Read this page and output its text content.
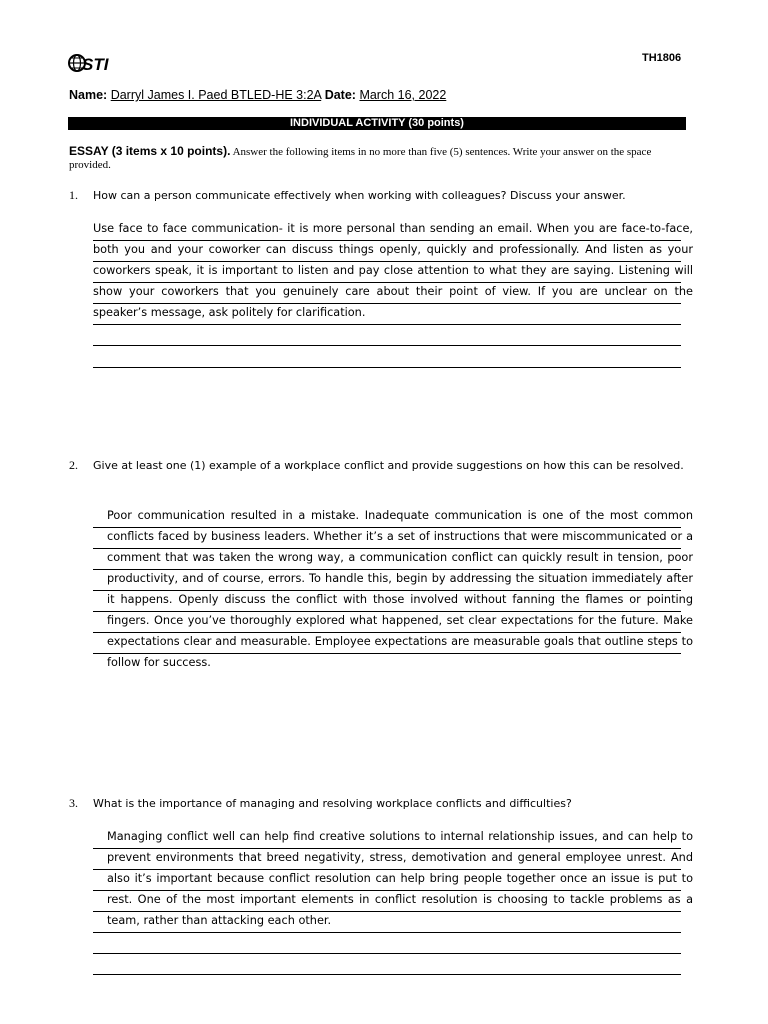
STI	TH1806
Name: Darryl James I. Paed BTLED-HE 3:2A Date: March 16, 2022
INDIVIDUAL ACTIVITY (30 points)
ESSAY (3 items x 10 points). Answer the following items in no more than five (5) sentences. Write your answer on the space provided.
1. How can a person communicate effectively when working with colleagues? Discuss your answer.
Use face to face communication- it is more personal than sending an email. When you are face-to-face, both you and your coworker can discuss things openly, quickly and professionally. And listen as your coworkers speak, it is important to listen and pay close attention to what they are saying. Listening will show your coworkers that you genuinely care about their point of view. If you are unclear on the speaker’s message, ask politely for clarification.
2. Give at least one (1) example of a workplace conflict and provide suggestions on how this can be resolved.
Poor communication resulted in a mistake. Inadequate communication is one of the most common conflicts faced by business leaders. Whether it’s a set of instructions that were miscommunicated or a comment that was taken the wrong way, a communication conflict can quickly result in tension, poor productivity, and of course, errors. To handle this, begin by addressing the situation immediately after it happens. Openly discuss the conflict with those involved without fanning the flames or pointing fingers. Once you’ve thoroughly explored what happened, set clear expectations for the future. Make expectations clear and measurable. Employee expectations are measurable goals that outline steps to follow for success.
3. What is the importance of managing and resolving workplace conflicts and difficulties?
Managing conflict well can help find creative solutions to internal relationship issues, and can help to prevent environments that breed negativity, stress, demotivation and general employee unrest. And also it’s important because conflict resolution can help bring people together once an issue is put to rest. One of the most important elements in conflict resolution is choosing to tackle problems as a team, rather than attacking each other.
